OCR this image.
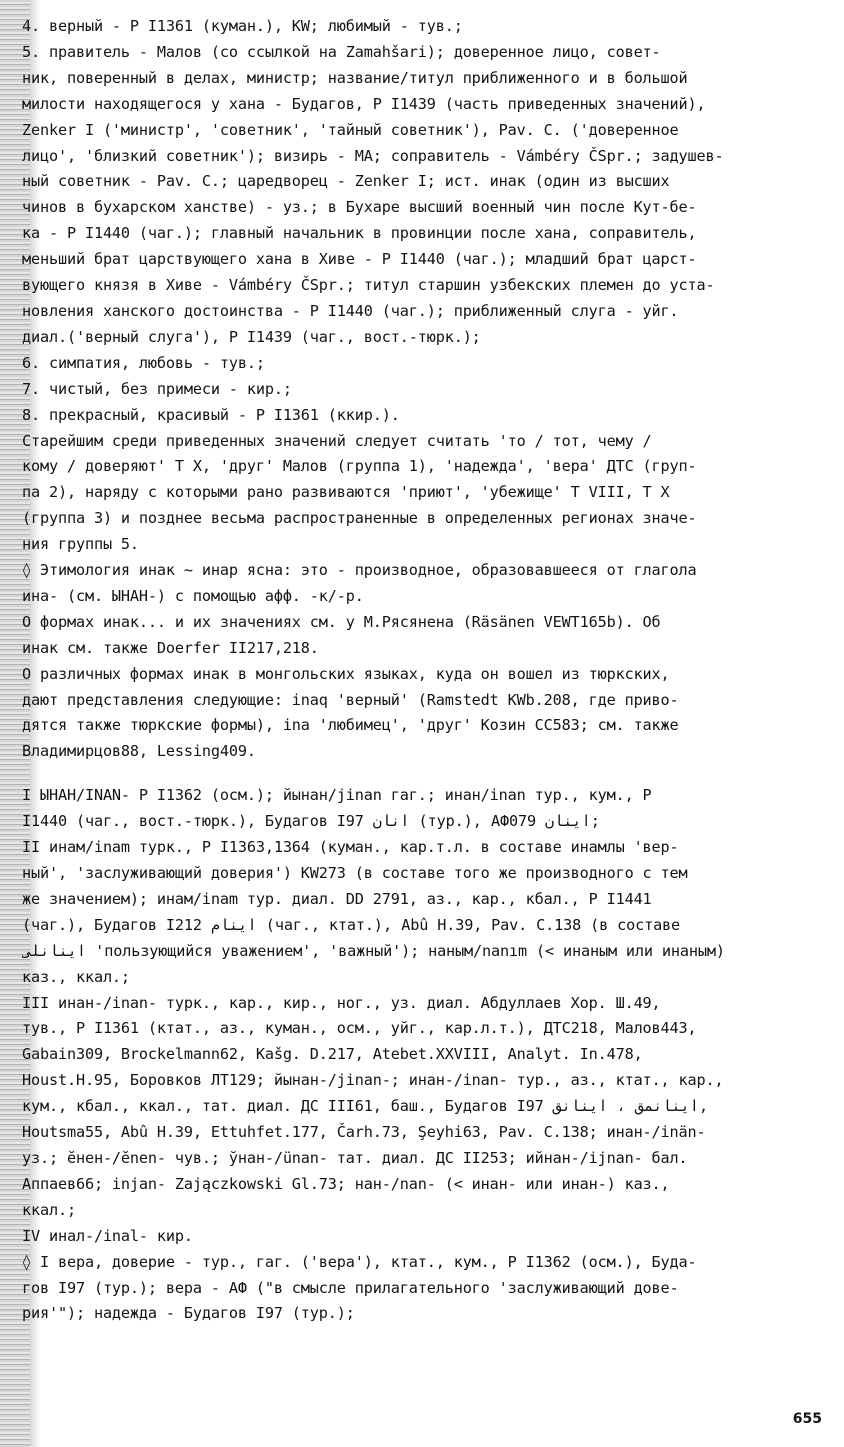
4. верный - P I1361 (куман.), KW; любимый - тув.;
5. правитель - Малов (со ссылкой на Zamahšari); доверенное лицо, совет-
ник, поверенный в делах, министр; название/титул приближенного и в большой
милости находящегося у хана - Будагов, P I1439 (часть приведенных значений),
Zenker I ('министр', 'советник', 'тайный советник'), Pav. C. ('доверенное
лицо', 'близкий советник'); визирь - МА; соправитель - Vámbéry ČSpr.; задушев-
ный советник - Pav. C.; царедворец - Zenker I; ист. инак (один из высших
чинов в бухарском ханстве) - уз.; в Бухаре высший военный чин после Кут-бе-
ка - P I1440 (чаг.); главный начальник в провинции после хана, соправитель,
меньший брат царствующего хана в Хиве - P I1440 (чаг.); младший брат царст-
вующего князя в Хиве - Vámbéry ČSpr.; титул старшин узбекских племен до уста-
новления ханского достоинства - P I1440 (чаг.); приближенный слуга - уйг.
диал.('верный слуга'), P I1439 (чаг., вост.-тюрк.);
6. симпатия, любовь - тув.;
7. чистый, без примеси - кир.;
8. прекрасный, красивый - P I1361 (ккир.).
Старейшим среди приведенных значений следует считать 'то / тот, чему /
кому / доверяют' T X, 'друг' Малов (группа 1), 'надежда', 'вера' ДТС (груп-
па 2), наряду с которыми рано развиваются 'приют', 'убежище' T VIII, T X
(группа 3) и позднее весьма распространенные в определенных регионах значе-
ния группы 5.
◊ Этимология инак ~ инар ясна: это - производное, образовавшееся от глагола
ина- (см. ЫНАН-) с помощью афф. -к/-р.
О формах инак... и их значениях см. у М.Рясянена (Räsänen VEWT165b). Об
инак см. также Doerfer II217,218.
О различных формах инак в монгольских языках, куда он вошел из тюркских,
дают представления следующие: inaq 'верный' (Ramstedt KWb.208, где приво-
дятся также тюркские формы), ina 'любимец', 'друг' Козин CC583; см. также
Владимирцов88, Lessing409.
I ЫНАН/INAN- P I1362 (осм.); йынан/jinan гаг.; инан/inan тур., кум., P
I1440 (чаг., вост.-тюрк.), Будагов I97 انان (тур.), АФ079 اينان;
II инам/inam турк., P I1363,1364 (куман., кар.т.л. в составе инамлы 'вер-
ный', 'заслуживающий доверия') KW273 (в составе того же производного с тем
же значением); инам/inam тур. диал. DD 2791, аз., кар., кбал., P I1441
(чаг.), Будагов I212 اينام (чаг., ктат.), Abû H.39, Pav. C.138 (в составе
اينانلى 'пользующийся уважением', 'важный'); наным/nanım (< инаным или инаным)
каз., ккал.;
III инан-/inan- турк., кар., кир., ног., уз. диал. Абдуллаев Хор. Ш.49,
тув., P I1361 (ктат., аз., куман., осм., уйг., кар.л.т.), ДТС218, Малов443,
Gabain309, Brockelmann62, Kašg. D.217, Atebet.XXVIII, Analyt. In.478,
Houst.H.95, Боровков ЛТ129; йынан-/jinan-; инан-/inan- тур., аз., ктат., кар.,
кум., кбал., ккал., тат. диал. ДС III61, баш., Будагов I97 اينانمق ، اينانق,
Houtsma55, Abû H.39, Ettuhfet.177, Čarh.73, Şeyhi63, Pav. C.138; инан-/inän-
уз.; ĕнен-/ĕnen- чув.; ўнан-/ünan- тат. диал. ДС II253; ийнан-/ijnan- бал.
Аппаев66; injan- Zajączkowski Gl.73; нан-/nan- (< инан- или инан-) каз.,
ккал.;
IV инал-/inal- кир.
◊ I вера, доверие - тур., гаг. ('вера'), ктат., кум., P I1362 (осм.), Буда-
гов I97 (тур.); вера - АФ ("в смысле прилагательного 'заслуживающий дове-
рия'"); надежда - Будагов I97 (тур.);
655
